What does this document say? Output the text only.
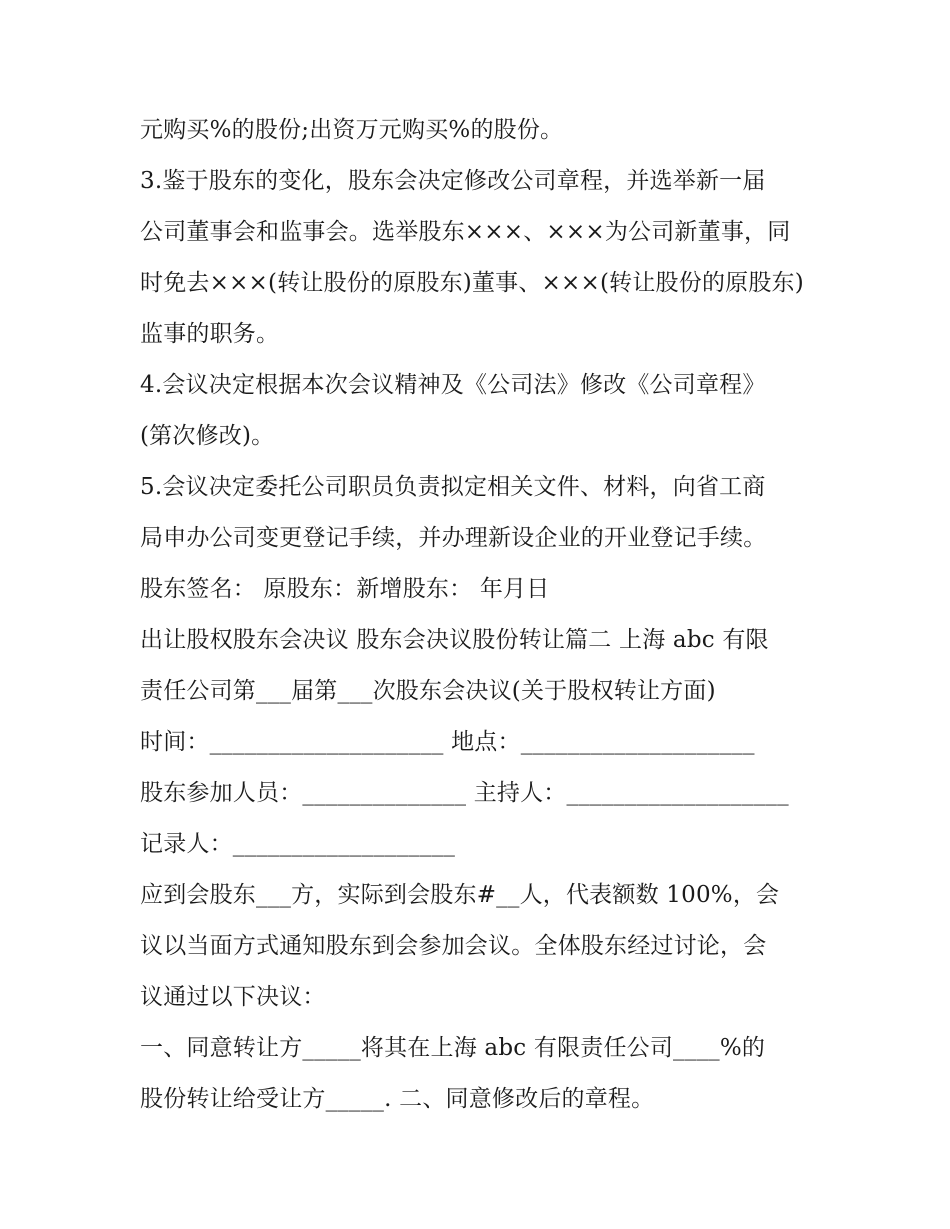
元购买%的股份;出资万元购买%的股份。
3.鉴于股东的变化，股东会决定修改公司章程，并选举新一届
公司董事会和监事会。选举股东×××、×××为公司新董事，同
时免去×××(转让股份的原股东)董事、×××(转让股份的原股东)
监事的职务。
4.会议决定根据本次会议精神及《公司法》修改《公司章程》
(第次修改)。
5.会议决定委托公司职员负责拟定相关文件、材料，向省工商
局申办公司变更登记手续，并办理新设企业的开业登记手续。
股东签名： 原股东：新增股东： 年月日
出让股权股东会决议 股东会决议股份转让篇二 上海 abc 有限
责任公司第___届第___次股东会决议(关于股权转让方面)
时间：____________________ 地点：____________________
股东参加人员：______________ 主持人：___________________
记录人：___________________
应到会股东___方，实际到会股东#__人，代表额数 100%，会
议以当面方式通知股东到会参加会议。全体股东经过讨论，会
议通过以下决议：
一、同意转让方_____将其在上海 abc 有限责任公司____%的
股份转让给受让方_____. 二、同意修改后的章程。
